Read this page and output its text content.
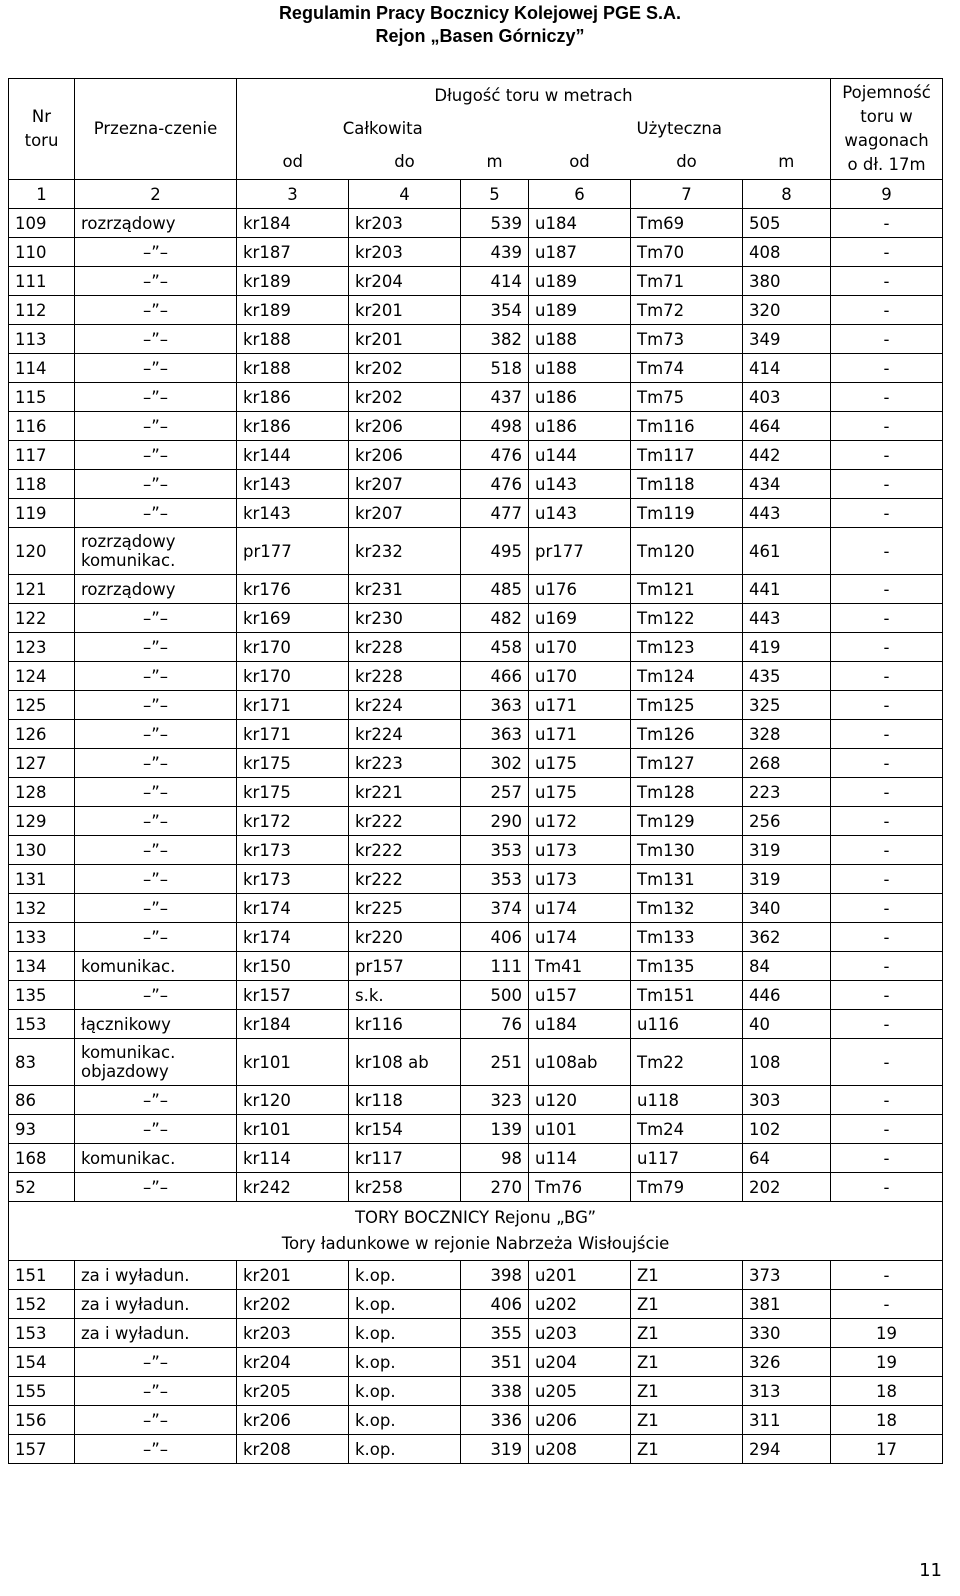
Regulamin Pracy Bocznicy Kolejowej PGE S.A.
Rejon „Basen Górniczy”
Nr toru	Przezna-czenie	Długość toru w metrach						Pojemność toru w wagonach o dł. 17m
		Całkowita			Użyteczna			
		od	do	m	od	do	m	
1	2	3	4	5	6	7	8	9
109	rozrządowy	kr184	kr203	539	u184	Tm69	505	-
110	–”–	kr187	kr203	439	u187	Tm70	408	-
111	–”–	kr189	kr204	414	u189	Tm71	380	-
112	–”–	kr189	kr201	354	u189	Tm72	320	-
113	–”–	kr188	kr201	382	u188	Tm73	349	-
114	–”–	kr188	kr202	518	u188	Tm74	414	-
115	–”–	kr186	kr202	437	u186	Tm75	403	-
116	–”–	kr186	kr206	498	u186	Tm116	464	-
117	–”–	kr144	kr206	476	u144	Tm117	442	-
118	–”–	kr143	kr207	476	u143	Tm118	434	-
119	–”–	kr143	kr207	477	u143	Tm119	443	-
120	rozrządowy komunikac.	pr177	kr232	495	pr177	Tm120	461	-
121	rozrządowy	kr176	kr231	485	u176	Tm121	441	-
122	–”–	kr169	kr230	482	u169	Tm122	443	-
123	–”–	kr170	kr228	458	u170	Tm123	419	-
124	–”–	kr170	kr228	466	u170	Tm124	435	-
125	–”–	kr171	kr224	363	u171	Tm125	325	-
126	–”–	kr171	kr224	363	u171	Tm126	328	-
127	–”–	kr175	kr223	302	u175	Tm127	268	-
128	–”–	kr175	kr221	257	u175	Tm128	223	-
129	–”–	kr172	kr222	290	u172	Tm129	256	-
130	–”–	kr173	kr222	353	u173	Tm130	319	-
131	–”–	kr173	kr222	353	u173	Tm131	319	-
132	–”–	kr174	kr225	374	u174	Tm132	340	-
133	–”–	kr174	kr220	406	u174	Tm133	362	-
134	komunikac.	kr150	pr157	111	Tm41	Tm135	84	-
135	–”–	kr157	s.k.	500	u157	Tm151	446	-
153	łącznikowy	kr184	kr116	76	u184	u116	40	-
83	komunikac. objazdowy	kr101	kr108 ab	251	u108ab	Tm22	108	-
86	–”–	kr120	kr118	323	u120	u118	303	-
93	–”–	kr101	kr154	139	u101	Tm24	102	-
168	komunikac.	kr114	kr117	98	u114	u117	64	-
52	–”–	kr242	kr258	270	Tm76	Tm79	202	-

TORY BOCZNICY Rejonu „BG”
Tory ładunkowe w rejonie Nabrzeża Wisłoujście								

151	za i wyładun.	kr201	k.op.	398	u201	Z1	373	-
152	za i wyładun.	kr202	k.op.	406	u202	Z1	381	-
153	za i wyładun.	kr203	k.op.	355	u203	Z1	330	19
154	–”–	kr204	k.op.	351	u204	Z1	326	19
155	–”–	kr205	k.op.	338	u205	Z1	313	18
156	–”–	kr206	k.op.	336	u206	Z1	311	18
157	–”–	kr208	k.op.	319	u208	Z1	294	17
11
